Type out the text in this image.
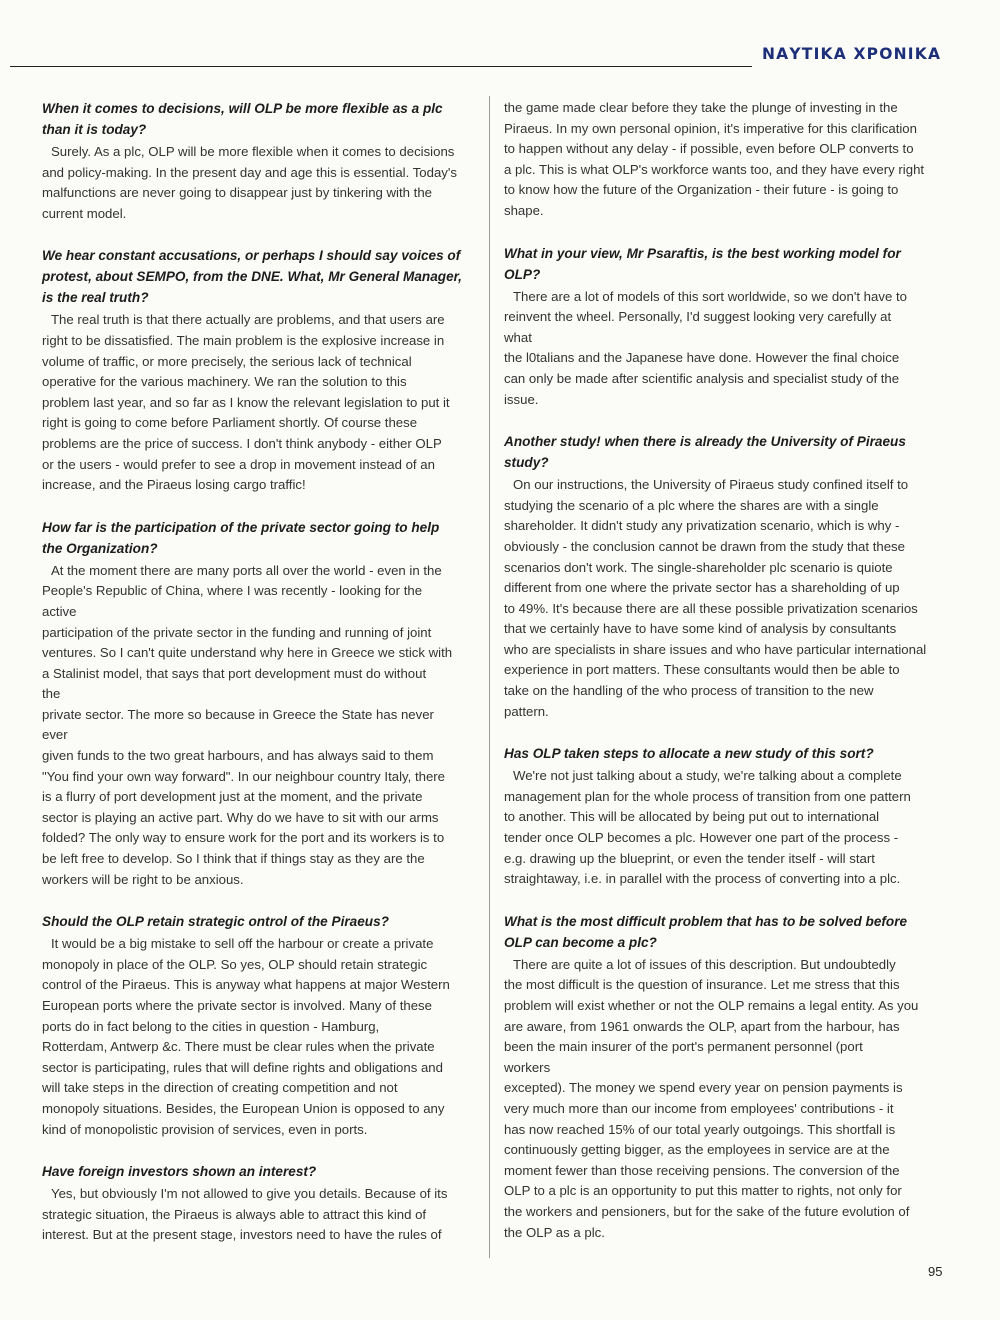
ΝΑΥΤΙΚΑ ΧΡΟΝΙΚΑ
When it comes to decisions, will OLP be more flexible as a plc
than it is today?
Surely. As a plc, OLP will be more flexible when it comes to decisions
and policy-making. In the present day and age this is essential. Today's
malfunctions are never going to disappear just by tinkering with the
current model.
We hear constant accusations, or perhaps I should say voices of
protest, about SEMPO, from the DNE. What, Mr General Manager,
is the real truth?
The real truth is that there actually are problems, and that users are
right to be dissatisfied. The main problem is the explosive increase in
volume of traffic, or more precisely, the serious lack of technical
operative for the various machinery. We ran the solution to this
problem last year, and so far as I know the relevant legislation to put it
right is going to come before Parliament shortly. Of course these
problems are the price of success. I don't think anybody - either OLP
or the users - would prefer to see a drop in movement instead of an
increase, and the Piraeus losing cargo traffic!
How far is the participation of the private sector going to help
the Organization?
At the moment there are many ports all over the world - even in the
People's Republic of China, where I was recently - looking for the
active
participation of the private sector in the funding and running of joint
ventures. So I can't quite understand why here in Greece we stick with
a Stalinist model, that says that port development must do without
the
private sector. The more so because in Greece the State has never
ever
given funds to the two great harbours, and has always said to them
"You find your own way forward". In our neighbour country Italy, there
is a flurry of port development just at the moment, and the private
sector is playing an active part. Why do we have to sit with our arms
folded? The only way to ensure work for the port and its workers is to
be left free to develop. So I think that if things stay as they are the
workers will be right to be anxious.
Should the OLP retain strategic ontrol of the Piraeus?
It would be a big mistake to sell off the harbour or create a private
monopoly in place of the OLP. So yes, OLP should retain strategic
control of the Piraeus. This is anyway what happens at major Western
European ports where the private sector is involved. Many of these
ports do in fact belong to the cities in question - Hamburg,
Rotterdam, Antwerp &c. There must be clear rules when the private
sector is participating, rules that will define rights and obligations and
will take steps in the direction of creating competition and not
monopoly situations. Besides, the European Union is opposed to any
kind of monopolistic provision of services, even in ports.
Have foreign investors shown an interest?
Yes, but obviously I'm not allowed to give you details. Because of its
strategic situation, the Piraeus is always able to attract this kind of
interest. But at the present stage, investors need to have the rules of
the game made clear before they take the plunge of investing in the
Piraeus. In my own personal opinion, it's imperative for this clarification
to happen without any delay - if possible, even before OLP converts to
a plc. This is what OLP's workforce wants too, and they have every right
to know how the future of the Organization - their future - is going to
shape.
What in your view, Mr Psaraftis, is the best working model for
OLP?
There are a lot of models of this sort worldwide, so we don't have to
reinvent the wheel. Personally, I'd suggest looking very carefully at
what
the l0talians and the Japanese have done. However the final choice
can only be made after scientific analysis and specialist study of the
issue.
Another study! when there is already the University of Piraeus
study?
On our instructions, the University of Piraeus study confined itself to
studying the scenario of a plc where the shares are with a single
shareholder. It didn't study any privatization scenario, which is why -
obviously - the conclusion cannot be drawn from the study that these
scenarios don't work. The single-shareholder plc scenario is quiote
different from one where the private sector has a shareholding of up
to 49%. It's because there are all these possible privatization scenarios
that we certainly have to have some kind of analysis by consultants
who are specialists in share issues and who have particular international
experience in port matters. These consultants would then be able to
take on the handling of the who process of transition to the new
pattern.
Has OLP taken steps to allocate a new study of this sort?
We're not just talking about a study, we're talking about a complete
management plan for the whole process of transition from one pattern
to another. This will be allocated by being put out to international
tender once OLP becomes a plc. However one part of the process -
e.g. drawing up the blueprint, or even the tender itself - will start
straightaway, i.e. in parallel with the process of converting into a plc.
What is the most difficult problem that has to be solved before
OLP can become a plc?
There are quite a lot of issues of this description. But undoubtedly
the most difficult is the question of insurance. Let me stress that this
problem will exist whether or not the OLP remains a legal entity. As you
are aware, from 1961 onwards the OLP, apart from the harbour, has
been the main insurer of the port's permanent personnel (port
workers
excepted). The money we spend every year on pension payments is
very much more than our income from employees' contributions - it
has now reached 15% of our total yearly outgoings. This shortfall is
continuously getting bigger, as the employees in service are at the
moment fewer than those receiving pensions. The conversion of the
OLP to a plc is an opportunity to put this matter to rights, not only for
the workers and pensioners, but for the sake of the future evolution of
the OLP as a plc.
95
